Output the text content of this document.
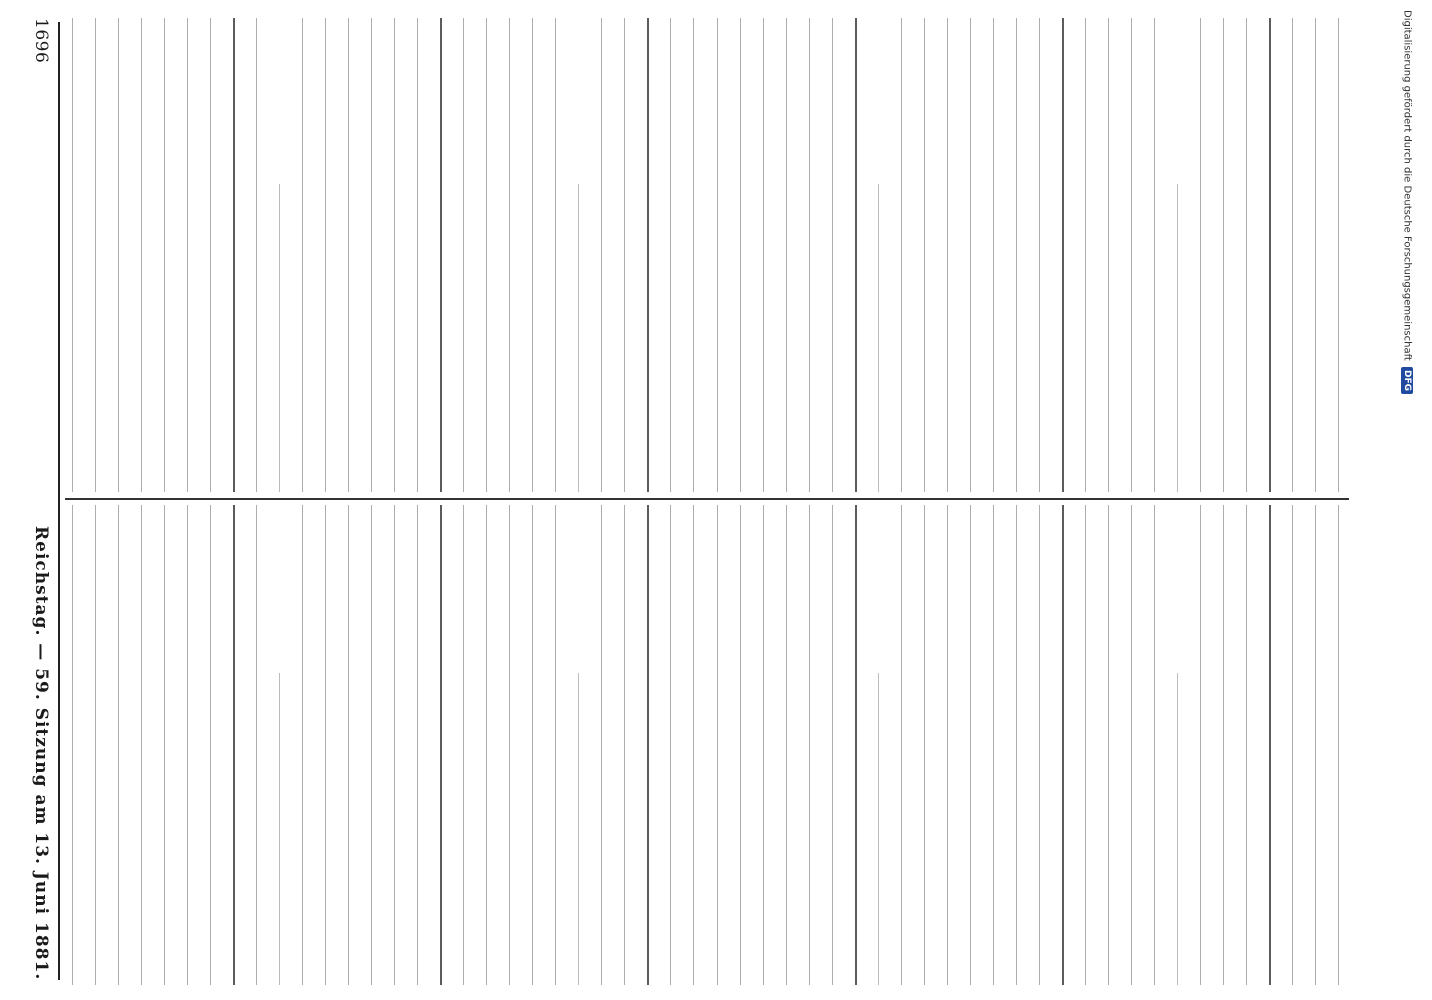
1696
Reichstag. — 59. Sitzung am 13. Juni 1881.
Digitalisierung gefördert durch die Deutsche Forschungsgemeinschaft
DFG
